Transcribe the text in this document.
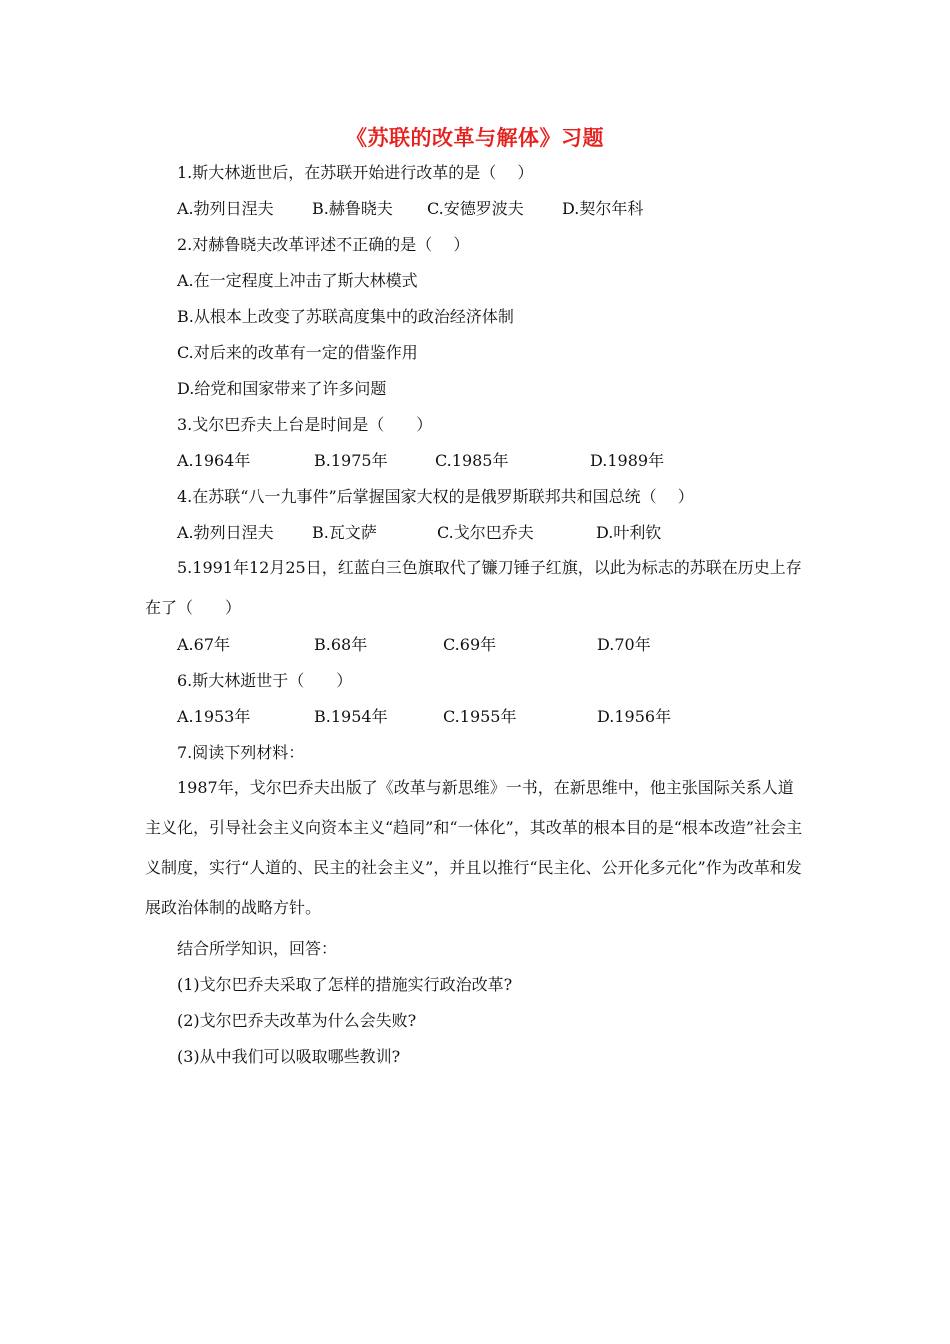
《苏联的改革与解体》习题
1.斯大林逝世后，在苏联开始进行改革的是（　 ）
A.勃列日涅夫 B.赫鲁晓夫 C.安德罗波夫 D.契尔年科
2.对赫鲁晓夫改革评述不正确的是（　 ）
A.在一定程度上冲击了斯大林模式
B.从根本上改变了苏联高度集中的政治经济体制
C.对后来的改革有一定的借鉴作用
D.给党和国家带来了许多问题
3.戈尔巴乔夫上台是时间是（　　）
A.1964年	B.1975年	C.1985年	D.1989年
4.在苏联“八一九事件”后掌握国家大权的是俄罗斯联邦共和国总统（　 ）
A.勃列日涅夫 B.瓦文萨	C.戈尔巴乔夫	D.叶利钦
5.1991年12月25日，红蓝白三色旗取代了镰刀锤子红旗，以此为标志的苏联在历史上存在了（　　）
A.67年	B.68年	C.69年	D.70年
6.斯大林逝世于（　　）
A.1953年	B.1954年	C.1955年	D.1956年
7.阅读下列材料：
1987年，戈尔巴乔夫出版了《改革与新思维》一书，在新思维中，他主张国际关系人道主义化，引导社会主义向资本主义“趋同”和“一体化”，其改革的根本目的是“根本改造”社会主义制度，实行“人道的、民主的社会主义”，并且以推行“民主化、公开化多元化”作为改革和发展政治体制的战略方针。
结合所学知识，回答：
(1)戈尔巴乔夫采取了怎样的措施实行政治改革?
(2)戈尔巴乔夫改革为什么会失败?
(3)从中我们可以吸取哪些教训?
